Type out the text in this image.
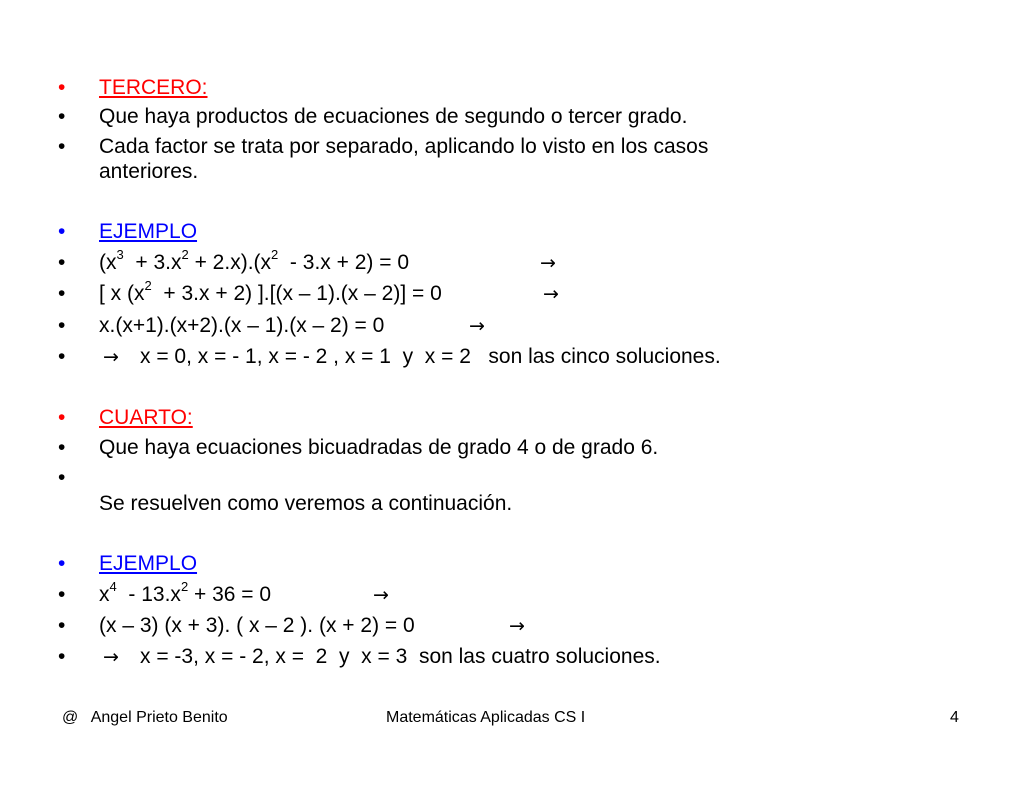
•

TERCERO:

•

Que haya productos de ecuaciones de segundo o tercer grado.

•

Cada factor se trata por separado, aplicando lo visto en los casos

anteriores.

•

EJEMPLO

•

$(x^3 + 3.x^2 + 2.x).(x^2 - 3.x + 2) = 0$

	→

•

[ x $(x^2 + 3.x + 2)$ ].[(x – 1).(x – 2)] = 0

	→

•

x.(x+1).(x+2).(x – 1).(x – 2) = 0

	→

•

→

x = 0, x = - 1, x = - 2 , x = 1  y  x = 2   son las cinco soluciones.

•

CUARTO:

•

Que haya ecuaciones bicuadradas de grado 4 o de grado 6.

•

Se resuelven como veremos a continuación.

•

EJEMPLO

•

$x^4 - 13.x^2 + 36 = 0$

	→

•

(x – 3) (x + 3). ( x – 2 ). (x + 2) = 0

	→

•

→

x = -3, x = - 2, x =  2  y  x = 3  son las cuatro soluciones.

@   Angel Prieto Benito	Matemáticas Aplicadas CS I	4
